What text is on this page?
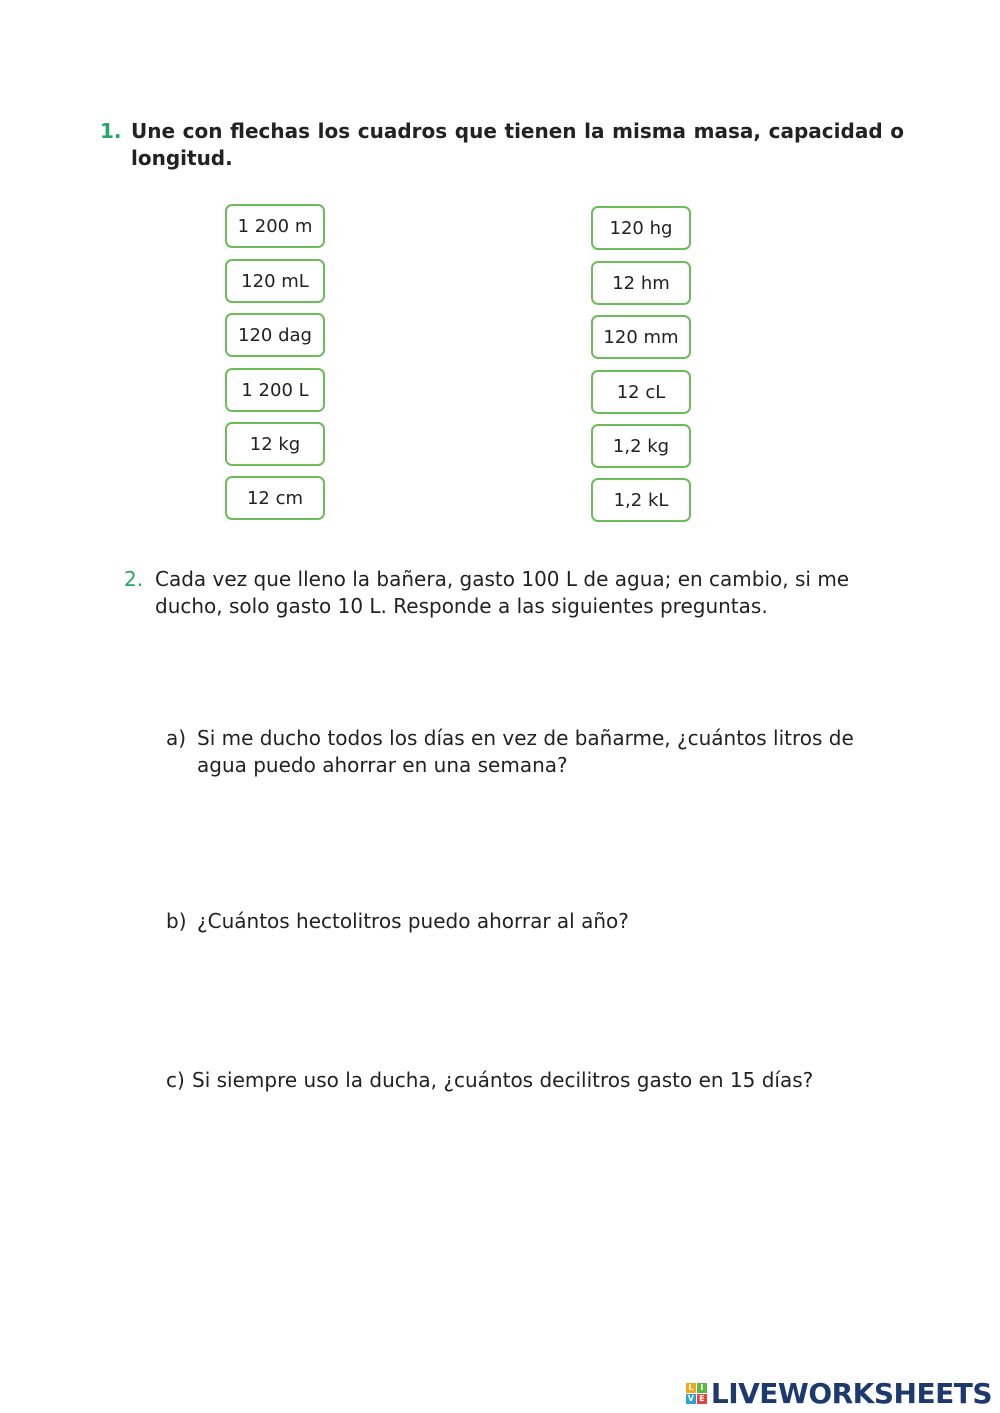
1. Une con flechas los cuadros que tienen la misma masa, capacidad o longitud.
1 200 m
120 mL
120 dag
1 200 L
12 kg
12 cm
120 hg
12 hm
120 mm
12 cL
1,2 kg
1,2 kL
2. Cada vez que lleno la bañera, gasto 100 L de agua; en cambio, si me ducho, solo gasto 10 L. Responde a las siguientes preguntas.
a) Si me ducho todos los días en vez de bañarme, ¿cuántos litros de agua puedo ahorrar en una semana?
b) ¿Cuántos hectolitros puedo ahorrar al año?
c) Si siempre uso la ducha, ¿cuántos decilitros gasto en 15 días?
L I
V E LIVEWORKSHEETS
